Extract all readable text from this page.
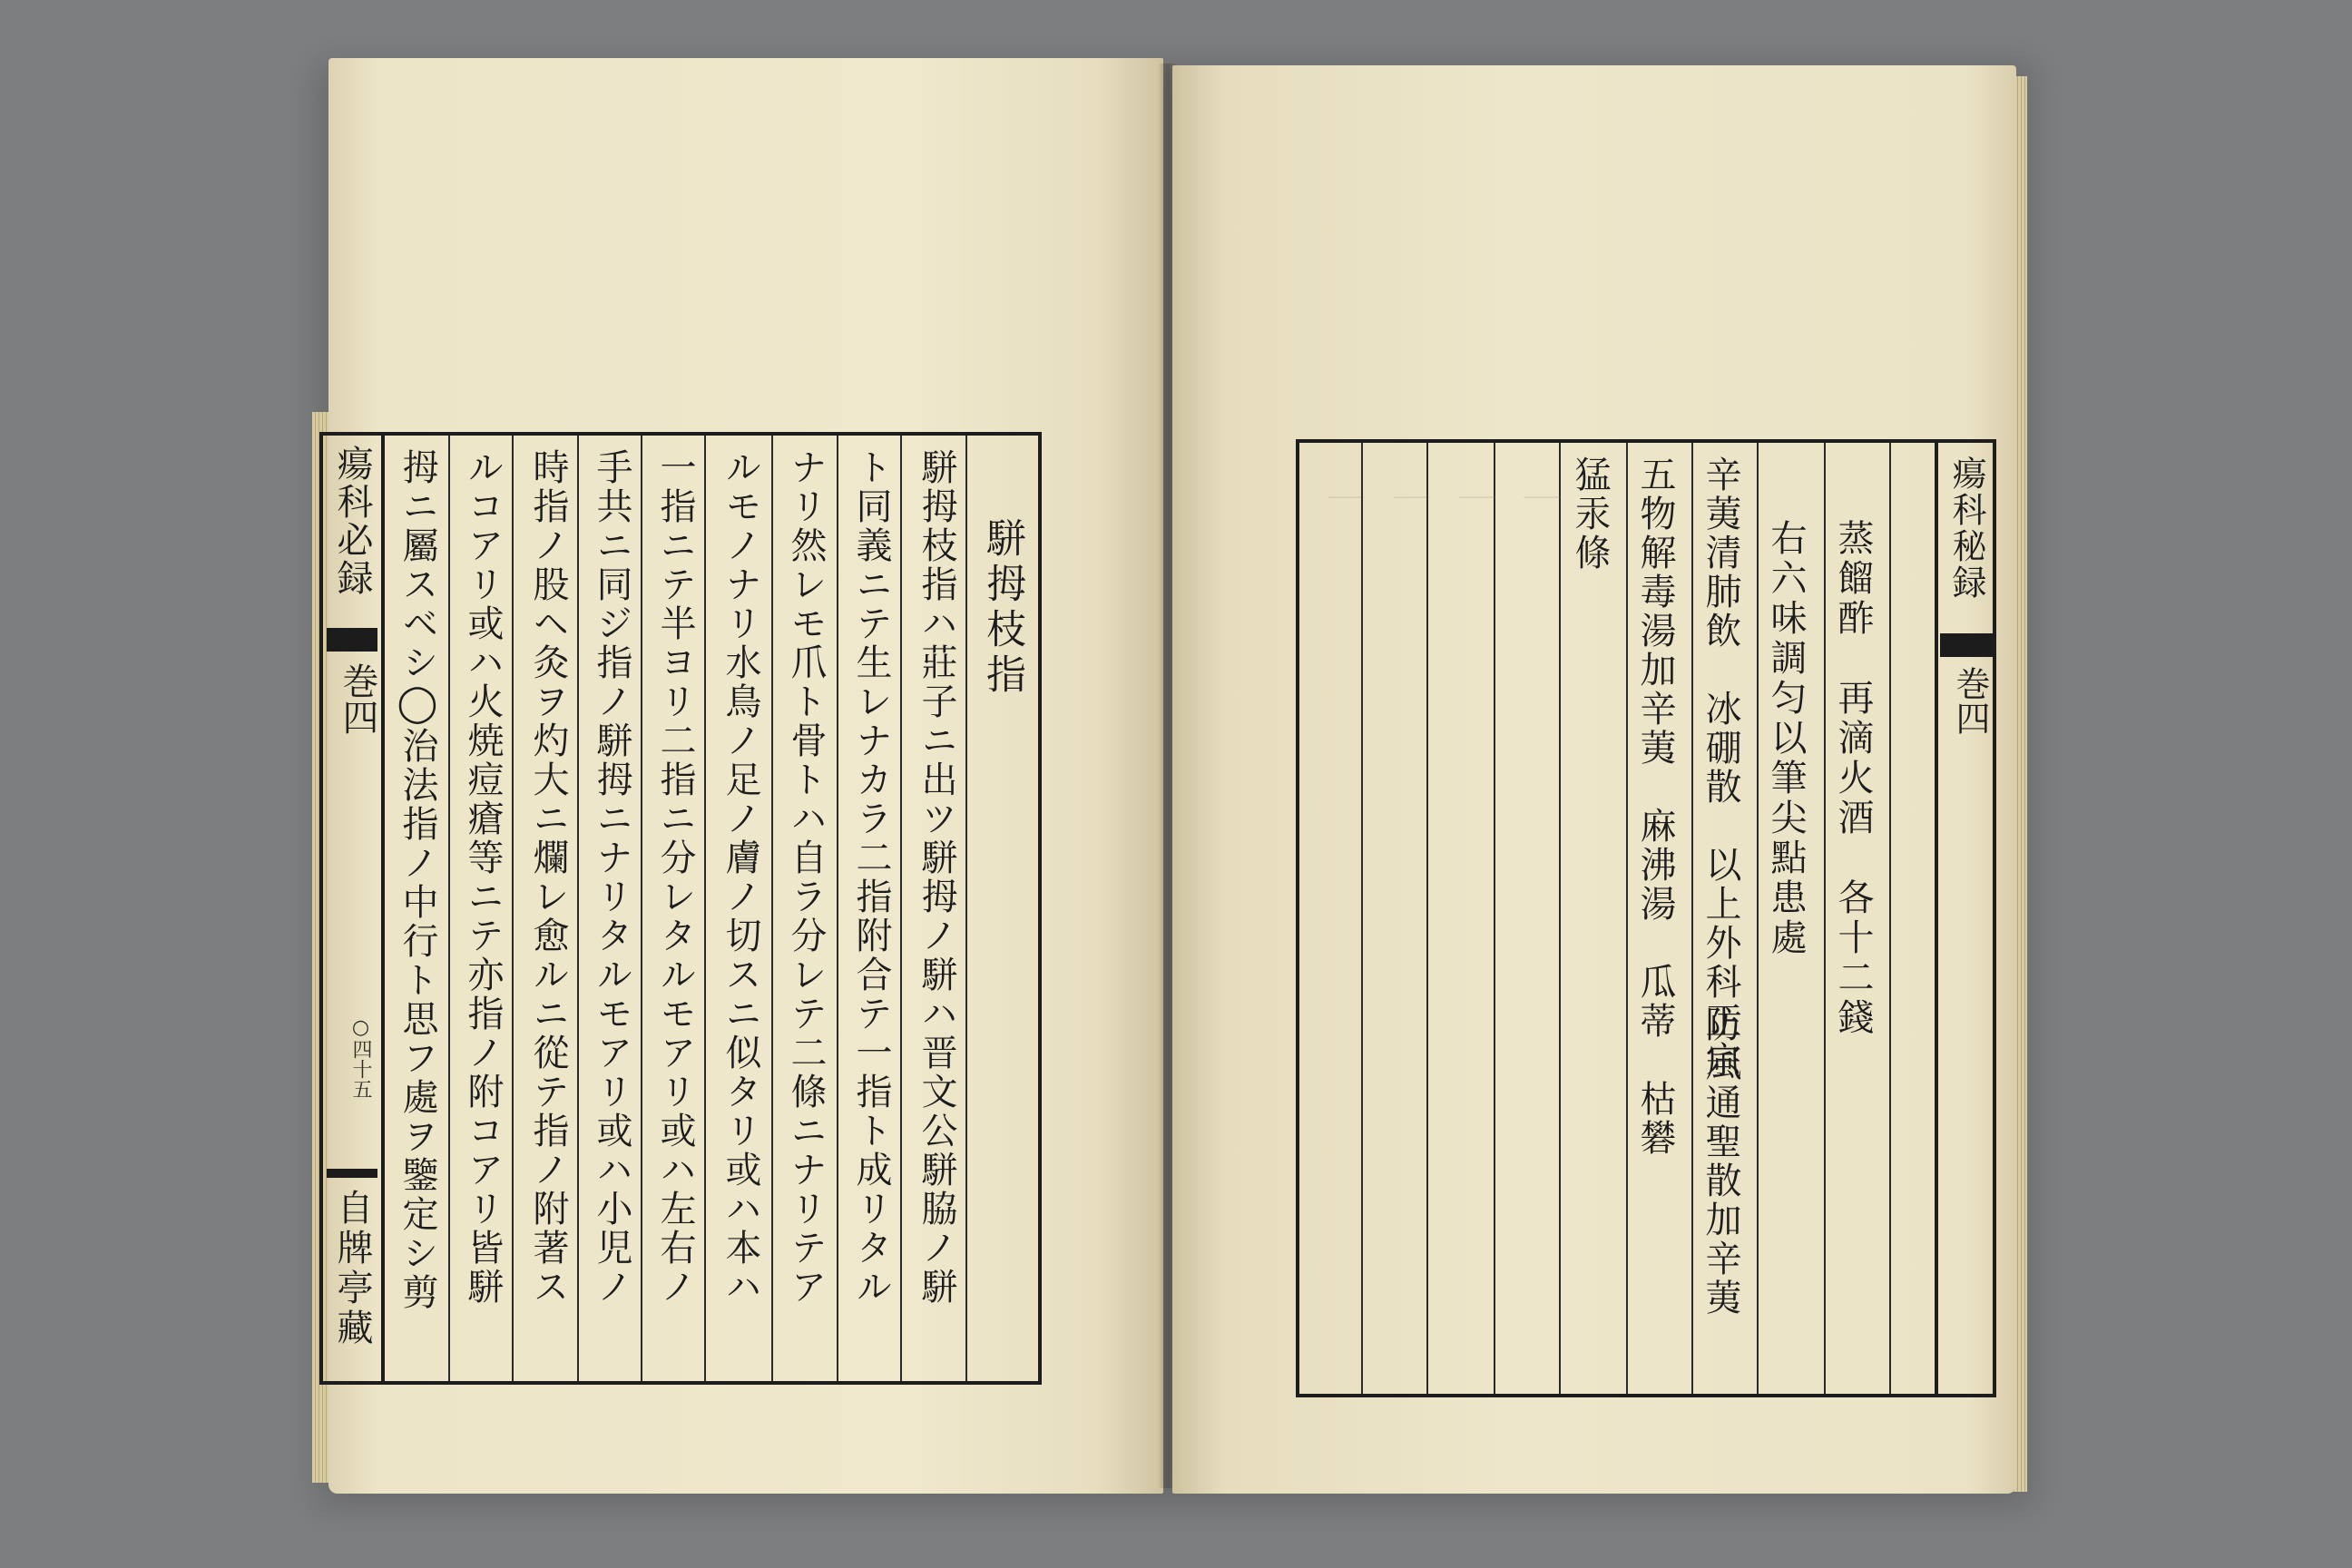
瘍科必録
巻四
○四十五
自牌亭藏
駢拇枝指
駢拇枝指ハ莊子ニ出ツ駢拇ノ駢ハ晋文公駢脇ノ駢
ト同義ニテ生レナカラ二指附合テ一指ト成リタル
ナリ然レモ爪ト骨トハ自ラ分レテ二條ニナリテア
ルモノナリ水鳥ノ足ノ膚ノ切スニ似タリ或ハ本ハ
一指ニテ半ヨリ二指ニ分レタルモアリ或ハ左右ノ
手共ニ同ジ指ノ駢拇ニナリタルモアリ或ハ小児ノ
時指ノ股ヘ灸ヲ灼大ニ爛レ愈ルニ從テ指ノ附著ス
ルコアリ或ハ火焼痘瘡等ニテ亦指ノ附コアリ皆駢
拇ニ屬スベシ◯治法指ノ中行ト思フ處ヲ鑒定シ剪	瘍科秘録
巻四
蒸餾酢　再滴火酒　各十二錢
右六味調匀以筆尖點患處
辛荑清肺飲　冰硼散　以上外科正宗
防風通聖散加辛荑
五物解毒湯加辛荑　麻沸湯　瓜蒂　枯礬
猛汞條
｜
｜
｜
｜
